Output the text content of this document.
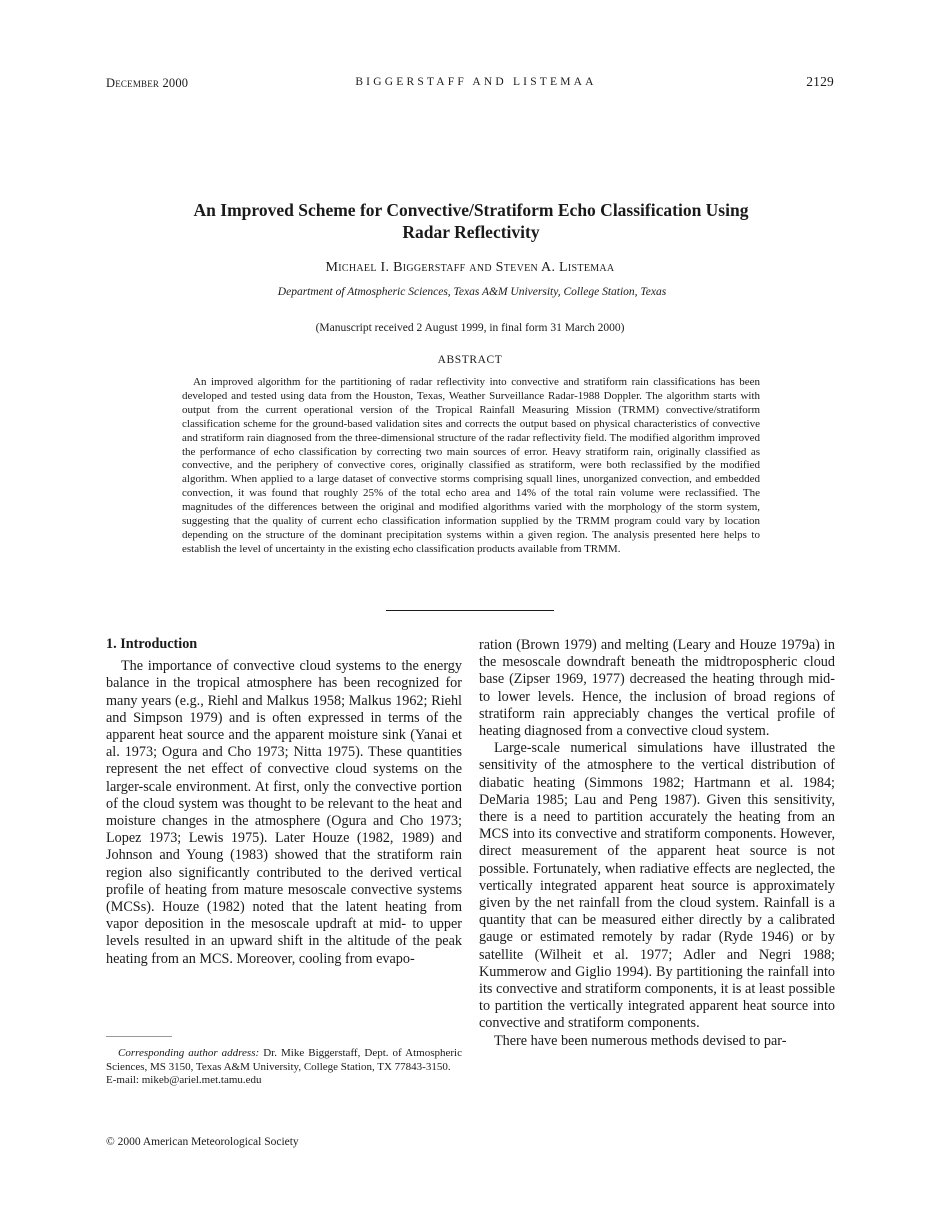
December 2000	BIGGERSTAFF AND LISTEMAA	2129
An Improved Scheme for Convective/Stratiform Echo Classification Using
Radar Reflectivity
Michael I. Biggerstaff and Steven A. Listemaa
Department of Atmospheric Sciences, Texas A&M University, College Station, Texas
(Manuscript received 2 August 1999, in final form 31 March 2000)
ABSTRACT
An improved algorithm for the partitioning of radar reflectivity into convective and stratiform rain classifications has been developed and tested using data from the Houston, Texas, Weather Surveillance Radar-1988 Doppler. The algorithm starts with output from the current operational version of the Tropical Rainfall Measuring Mission (TRMM) convective/stratiform classification scheme for the ground-based validation sites and corrects the output based on physical characteristics of convective and stratiform rain diagnosed from the three-dimensional structure of the radar reflectivity field. The modified algorithm improved the performance of echo classification by correcting two main sources of error. Heavy stratiform rain, originally classified as convective, and the periphery of convective cores, originally classified as stratiform, were both reclassified by the modified algorithm. When applied to a large dataset of convective storms comprising squall lines, unorganized convection, and embedded convection, it was found that roughly 25% of the total echo area and 14% of the total rain volume were reclassified. The magnitudes of the differences between the original and modified algorithms varied with the morphology of the storm system, suggesting that the quality of current echo classification information supplied by the TRMM program could vary by location depending on the structure of the dominant precipitation systems within a given region. The analysis presented here helps to establish the level of uncertainty in the existing echo classification products available from TRMM.
1. Introduction

The importance of convective cloud systems to the energy balance in the tropical atmosphere has been recognized for many years (e.g., Riehl and Malkus 1958; Malkus 1962; Riehl and Simpson 1979) and is often expressed in terms of the apparent heat source and the apparent moisture sink (Yanai et al. 1973; Ogura and Cho 1973; Nitta 1975). These quantities represent the net effect of convective cloud systems on the larger-scale environment. At first, only the convective portion of the cloud system was thought to be relevant to the heat and moisture changes in the atmosphere (Ogura and Cho 1973; Lopez 1973; Lewis 1975). Later Houze (1982, 1989) and Johnson and Young (1983) showed that the stratiform rain region also significantly contributed to the derived vertical profile of heating from mature mesoscale convective systems (MCSs). Houze (1982) noted that the latent heating from vapor deposition in the mesoscale updraft at mid- to upper levels resulted in an upward shift in the altitude of the peak heating from an MCS. Moreover, cooling from evapo-

ration (Brown 1979) and melting (Leary and Houze 1979a) in the mesoscale downdraft beneath the midtropospheric cloud base (Zipser 1969, 1977) decreased the heating through mid- to lower levels. Hence, the inclusion of broad regions of stratiform rain appreciably changes the vertical profile of heating diagnosed from a convective cloud system.

Large-scale numerical simulations have illustrated the sensitivity of the atmosphere to the vertical distribution of diabatic heating (Simmons 1982; Hartmann et al. 1984; DeMaria 1985; Lau and Peng 1987). Given this sensitivity, there is a need to partition accurately the heating from an MCS into its convective and stratiform components. However, direct measurement of the apparent heat source is not possible. Fortunately, when radiative effects are neglected, the vertically integrated apparent heat source is approximately given by the net rainfall from the cloud system. Rainfall is a quantity that can be measured either directly by a calibrated gauge or estimated remotely by radar (Ryde 1946) or by satellite (Wilheit et al. 1977; Adler and Negri 1988; Kummerow and Giglio 1994). By partitioning the rainfall into its convective and stratiform components, it is at least possible to partition the vertically integrated apparent heat source into convective and stratiform components.

There have been numerous methods devised to par-

Corresponding author address: Dr. Mike Biggerstaff, Dept. of Atmospheric Sciences, MS 3150, Texas A&M University, College Station, TX 77843-3150.

E-mail: mikeb@ariel.met.tamu.edu

© 2000 American Meteorological Society
